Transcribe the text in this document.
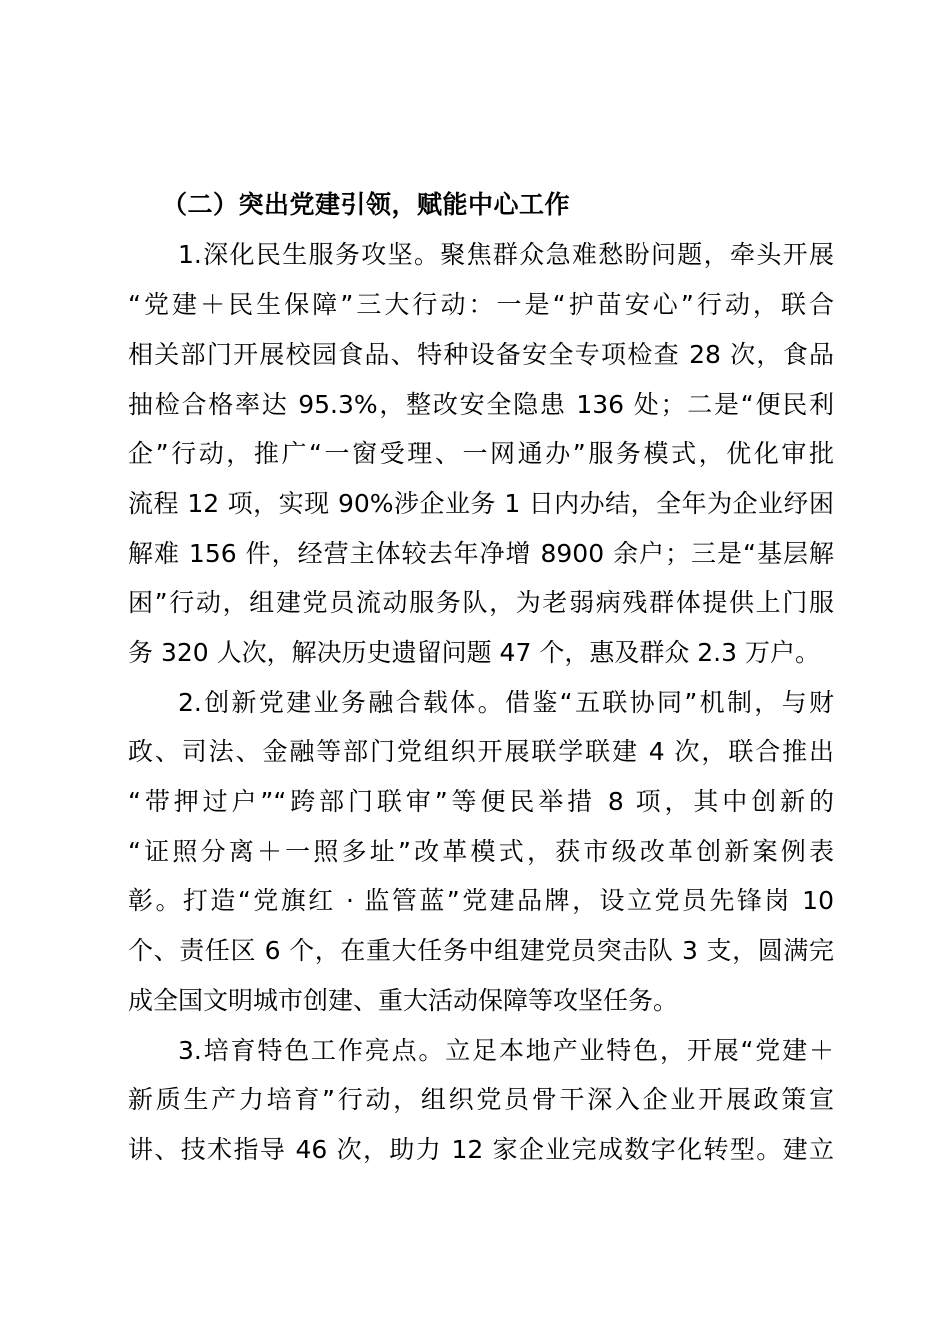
（二）突出党建引领，赋能中心工作
1.深化民生服务攻坚。聚焦群众急难愁盼问题，牵头开展
“党建＋民生保障”三大行动：一是“护苗安心”行动，联合
相关部门开展校园食品、特种设备安全专项检查 28 次，食品
抽检合格率达 95.3%，整改安全隐患 136 处；二是“便民利
企”行动，推广“一窗受理、一网通办”服务模式，优化审批
流程 12 项，实现 90%涉企业务 1 日内办结，全年为企业纾困
解难 156 件，经营主体较去年净增 8900 余户；三是“基层解
困”行动，组建党员流动服务队，为老弱病残群体提供上门服
务 320 人次，解决历史遗留问题 47 个，惠及群众 2.3 万户。
2.创新党建业务融合载体。借鉴“五联协同”机制，与财
政、司法、金融等部门党组织开展联学联建 4 次，联合推出
“带押过户”“跨部门联审”等便民举措 8 项，其中创新的
“证照分离＋一照多址”改革模式，获市级改革创新案例表
彰。打造“党旗红 · 监管蓝”党建品牌，设立党员先锋岗 10
个、责任区 6 个，在重大任务中组建党员突击队 3 支，圆满完
成全国文明城市创建、重大活动保障等攻坚任务。
3.培育特色工作亮点。立足本地产业特色，开展“党建＋
新质生产力培育”行动，组织党员骨干深入企业开展政策宣
讲、技术指导 46 次，助力 12 家企业完成数字化转型。建立
